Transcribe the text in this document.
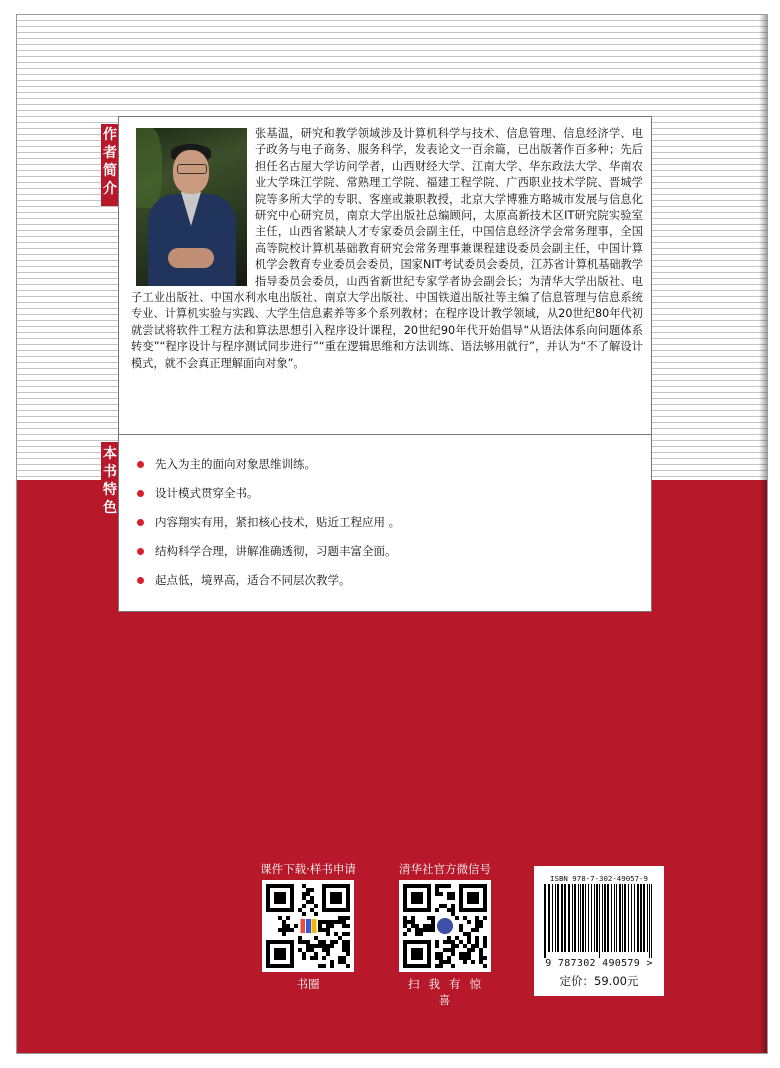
作
者
简
介

张基温，研究和教学领域涉及计算机科学与技术、信息管理、信息经济学、电子政务与电子商务、服务科学，发表论文一百余篇，已出版著作百多种；先后担任名古屋大学访问学者，山西财经大学、江南大学、华东政法大学、华南农业大学珠江学院、常熟理工学院、福建工程学院、广西职业技术学院、晋城学院等多所大学的专职、客座或兼职教授，北京大学博雅方略城市发展与信息化研究中心研究员，南京大学出版社总编顾问，太原高新技术区IT研究院实验室主任，山西省紧缺人才专家委员会副主任，中国信息经济学会常务理事，全国高等院校计算机基础教育研究会常务理事兼课程建设委员会副主任，中国计算机学会教育专业委员会委员，国家NIT考试委员会委员，江苏省计算机基础教学指导委员会委员，山西省新世纪专家学者协会副会长；为清华大学出版社、电子工业出版社、中国水利水电出版社、南京大学出版社、中国铁道出版社等主编了信息管理与信息系统专业、计算机实验与实践、大学生信息素养等多个系列教材；在程序设计教学领域，从20世纪80年代初就尝试将软件工程方法和算法思想引入程序设计课程，20世纪90年代开始倡导“从语法体系向问题体系转变”“程序设计与程序测试同步进行”“重在逻辑思维和方法训练、语法够用就行”，并认为“不了解设计模式，就不会真正理解面向对象”。

本
书
特
色
先入为主的面向对象思维训练。
设计模式贯穿全书。
内容翔实有用，紧扣核心技术，贴近工程应用 。
结构科学合理，讲解准确透彻，习题丰富全面。
起点低，境界高，适合不同层次教学。
课件下载·样书申请
书圈
清华社官方微信号
扫我有惊喜
ISBN 978-7-302-49057-9
9 787302 490579 >
定价：59.00元
